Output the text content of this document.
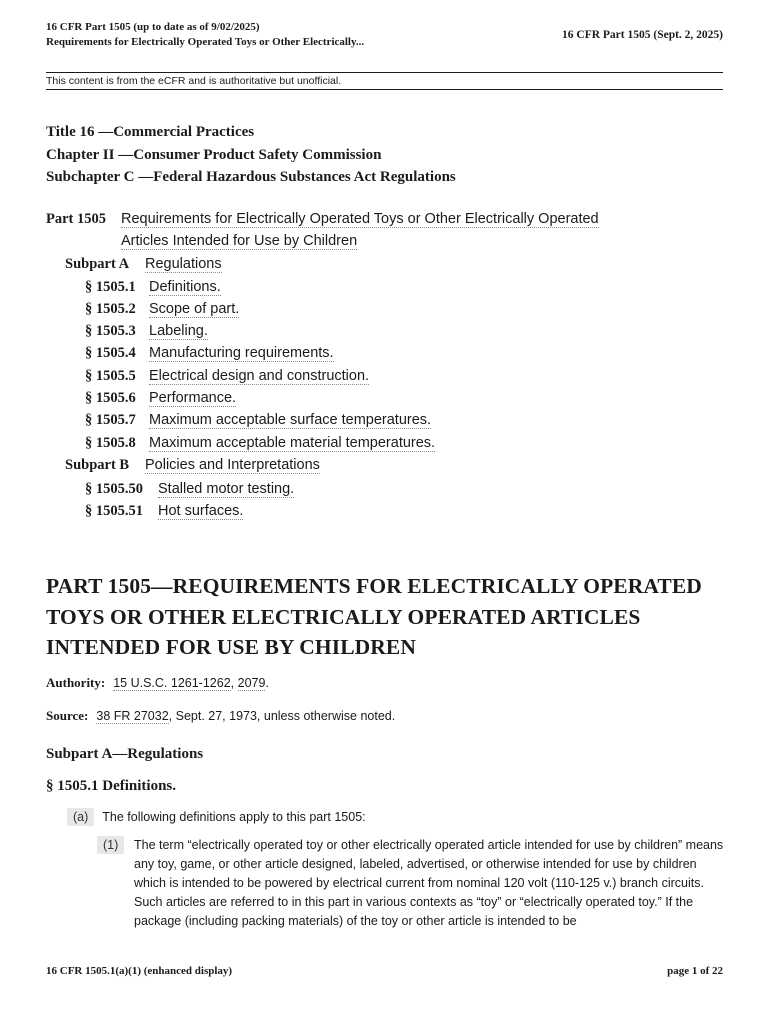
16 CFR Part 1505 (up to date as of 9/02/2025)
Requirements for Electrically Operated Toys or Other Electrically...
16 CFR Part 1505 (Sept. 2, 2025)
This content is from the eCFR and is authoritative but unofficial.
Title 16 —Commercial Practices
Chapter II —Consumer Product Safety Commission
Subchapter C —Federal Hazardous Substances Act Regulations
Part 1505 Requirements for Electrically Operated Toys or Other Electrically Operated
Articles Intended for Use by Children
Subpart A Regulations
§ 1505.1 Definitions.
§ 1505.2 Scope of part.
§ 1505.3 Labeling.
§ 1505.4 Manufacturing requirements.
§ 1505.5 Electrical design and construction.
§ 1505.6 Performance.
§ 1505.7 Maximum acceptable surface temperatures.
§ 1505.8 Maximum acceptable material temperatures.
Subpart B Policies and Interpretations
§ 1505.50 Stalled motor testing.
§ 1505.51 Hot surfaces.
PART 1505—REQUIREMENTS FOR ELECTRICALLY OPERATED TOYS OR OTHER ELECTRICALLY OPERATED ARTICLES INTENDED FOR USE BY CHILDREN
Authority: 15 U.S.C. 1261-1262, 2079.
Source: 38 FR 27032, Sept. 27, 1973, unless otherwise noted.
Subpart A—Regulations
§ 1505.1 Definitions.
(a) The following definitions apply to this part 1505:
(1)	The term “electrically operated toy or other electrically operated article intended for use by children” means any toy, game, or other article designed, labeled, advertised, or otherwise intended for use by children which is intended to be powered by electrical current from nominal 120 volt (110-125 v.) branch circuits. Such articles are referred to in this part in various contexts as “toy” or “electrically operated toy.” If the package (including packing materials) of the toy or other article is intended to be
16 CFR 1505.1(a)(1) (enhanced display)	page 1 of 22
